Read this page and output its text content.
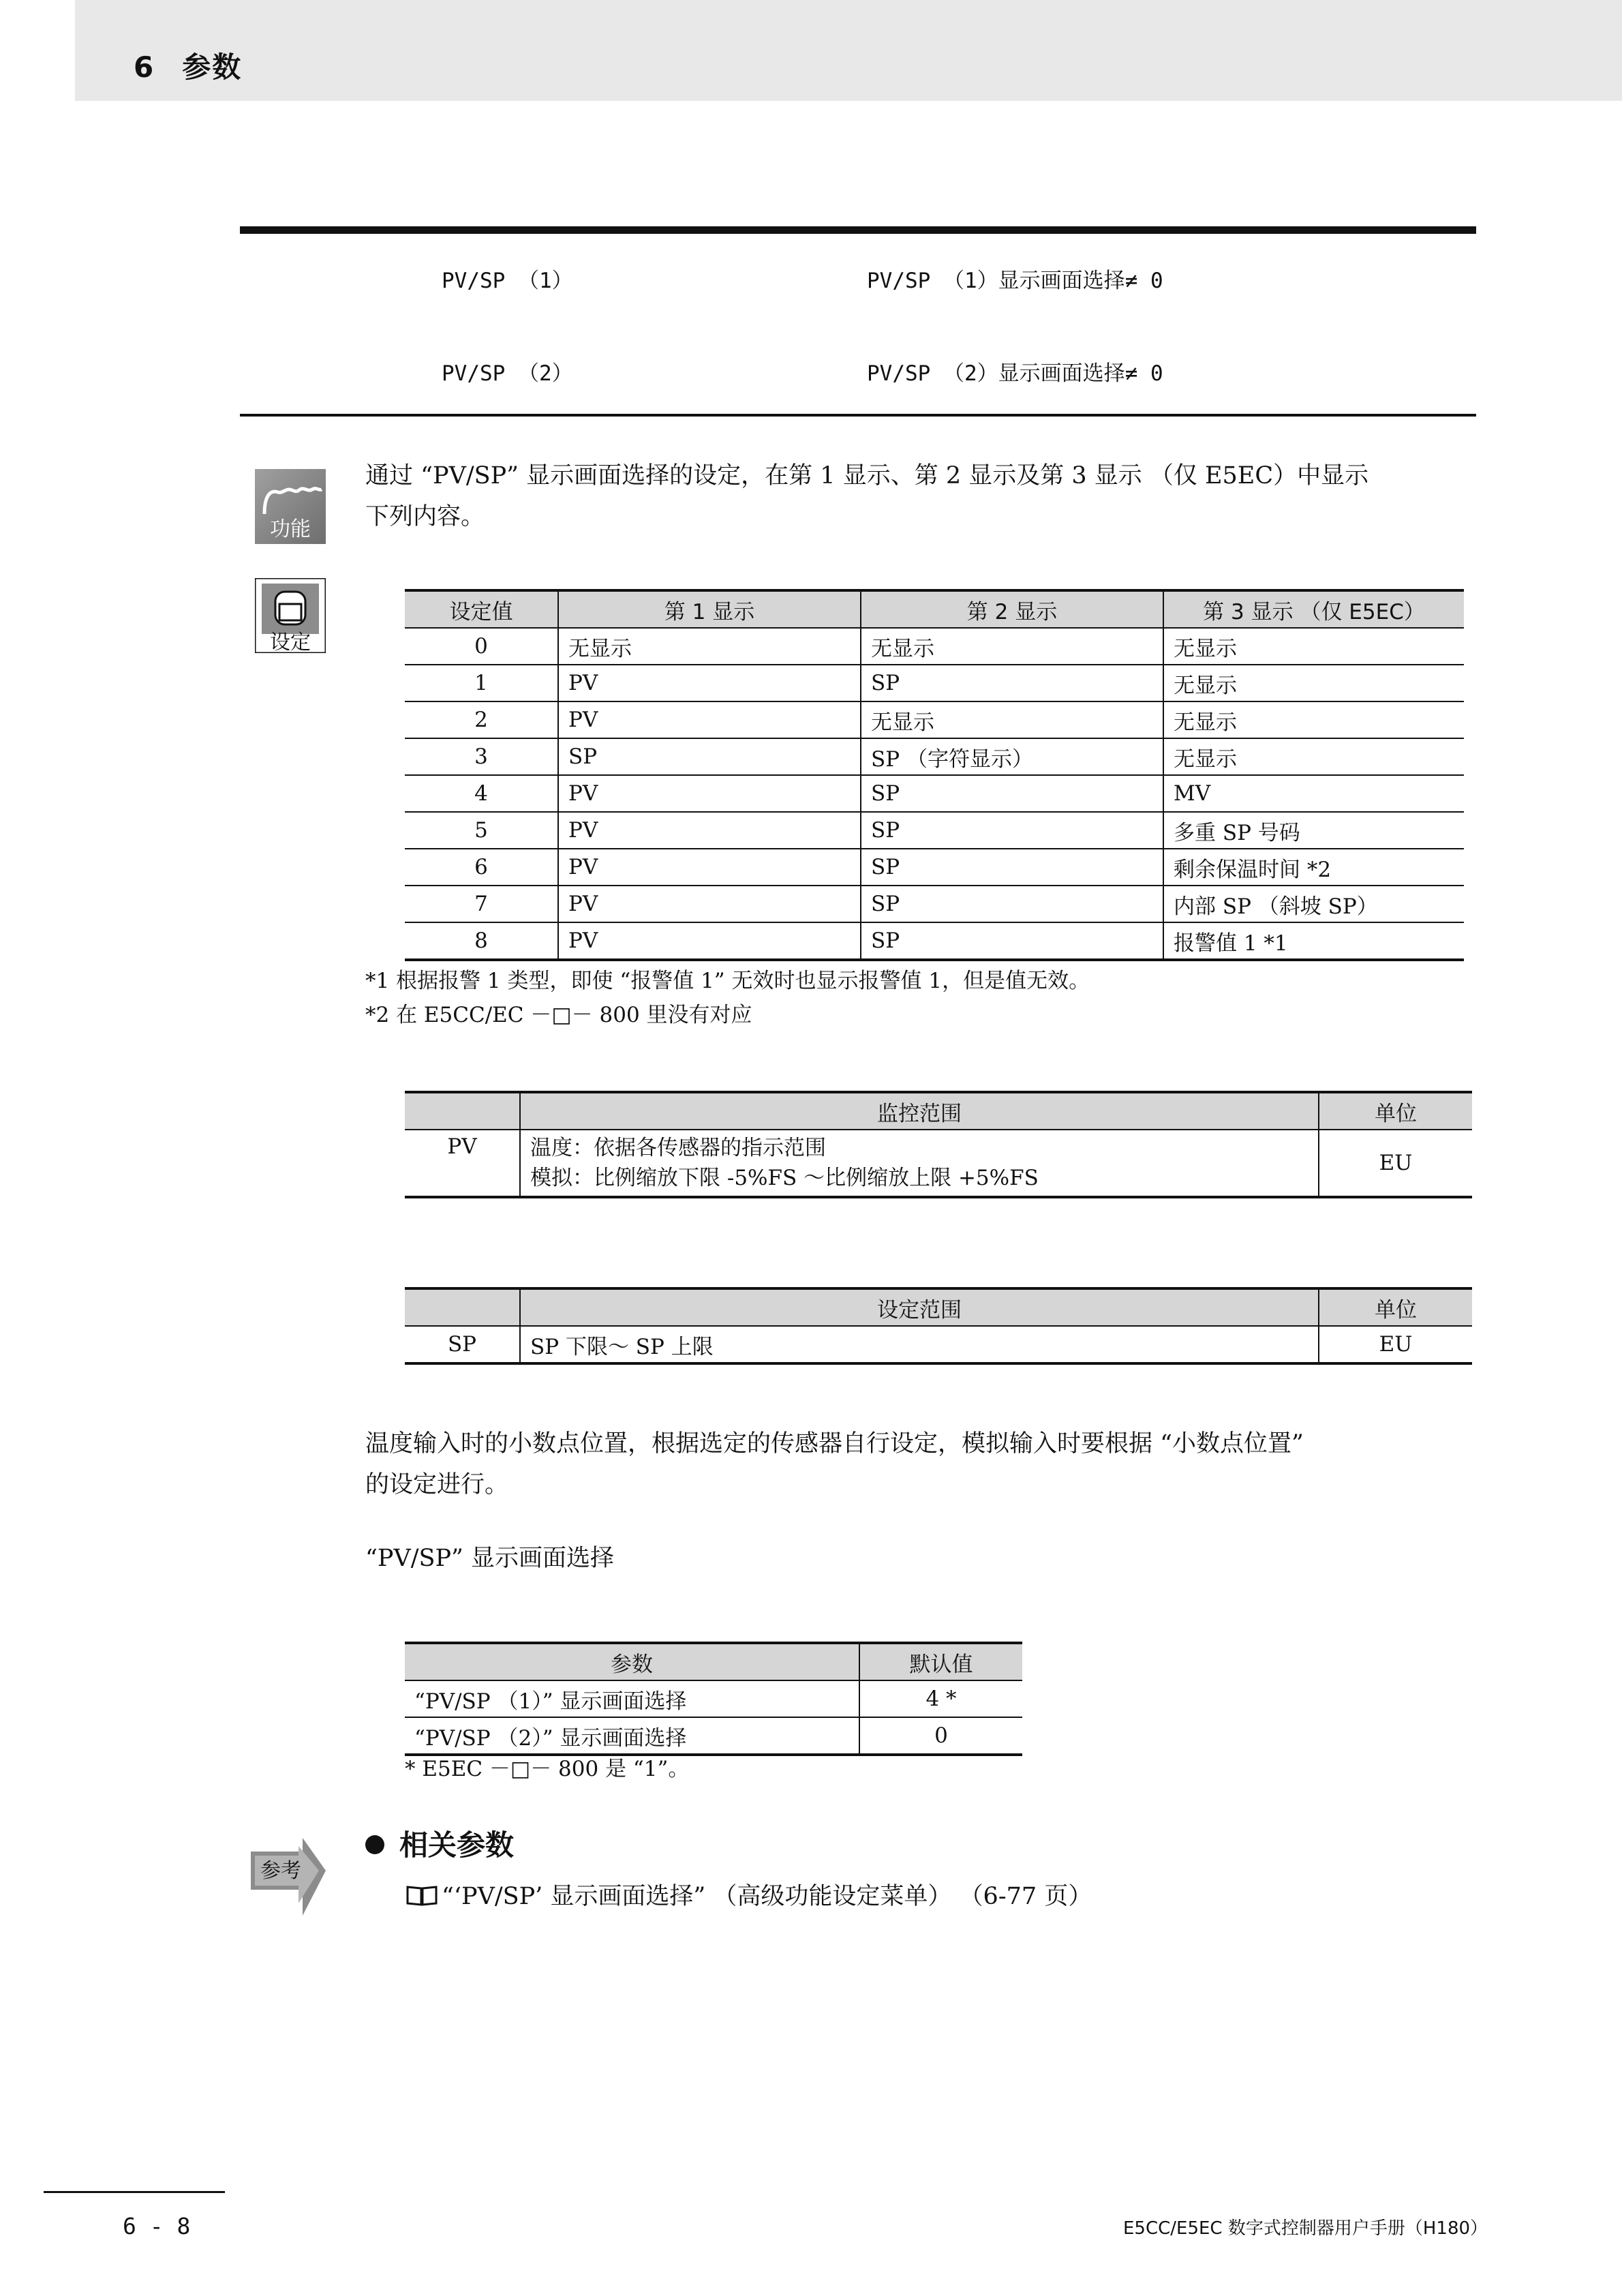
6 参数
PV/SP （1）	PV/SP （1）显示画面选择≠ 0
PV/SP （2）	PV/SP （2）显示画面选择≠ 0
功能
通过 “PV/SP” 显示画面选择的设定，在第 1 显示、第 2 显示及第 3 显示 （仅 E5EC）中显示
下列内容。
设定
设定值	第 1 显示	第 2 显示	第 3 显示 （仅 E5EC）
0	无显示	无显示	无显示
1	PV	SP	无显示
2	PV	无显示	无显示
3	SP	SP （字符显示）	无显示
4	PV	SP	MV
5	PV	SP	多重 SP 号码
6	PV	SP	剩余保温时间 *2
7	PV	SP	内部 SP （斜坡 SP）
8	PV	SP	报警值 1 *1
*1 根据报警 1 类型，即使 “报警值 1” 无效时也显示报警值 1，但是值无效。
*2 在 E5CC/EC －□－ 800 里没有对应
	监控范围	单位
PV	温度：依据各传感器的指示范围
模拟：比例缩放下限 -5%FS ～比例缩放上限 +5%FS	EU
	设定范围	单位
SP	SP 下限～ SP 上限	EU
温度输入时的小数点位置，根据选定的传感器自行设定，模拟输入时要根据 “小数点位置”
的设定进行。
“PV/SP” 显示画面选择
参数	默认值
“PV/SP （1）” 显示画面选择	4 *
“PV/SP （2）” 显示画面选择	0
* E5EC －□－ 800 是 “1”。
参考
相关参数
“‘PV/SP’ 显示画面选择” （高级功能设定菜单） （6-77 页）
6 - 8	E5CC/E5EC 数字式控制器用户手册（H180）
